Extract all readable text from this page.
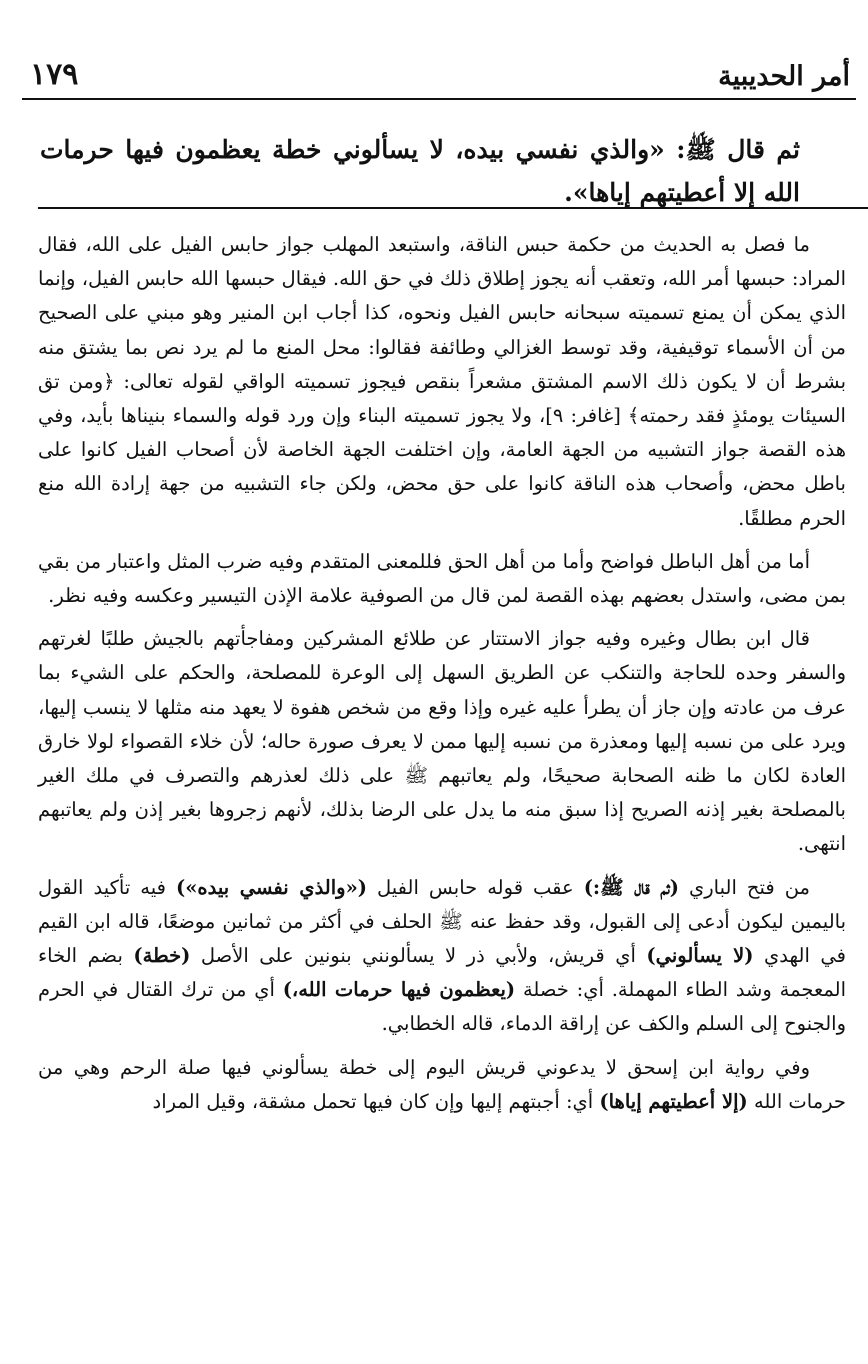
أمر الحديبية
١٧٩
ثم قال ﷺ: «والذي نفسي بيده، لا يسألوني خطة يعظمون فيها حرمات الله إلا أعطيتهم إياها».

ما فصل به الحديث من حكمة حبس الناقة، واستبعد المهلب جواز حابس الفيل على الله، فقال المراد: حبسها أمر الله، وتعقب أنه يجوز إطلاق ذلك في حق الله. فيقال حبسها الله حابس الفيل، وإنما الذي يمكن أن يمنع تسميته سبحانه حابس الفيل ونحوه، كذا أجاب ابن المنير وهو مبني على الصحيح من أن الأسماء توقيفية، وقد توسط الغزالي وطائفة فقالوا: محل المنع ما لم يرد نص بما يشتق منه بشرط أن لا يكون ذلك الاسم المشتق مشعراً بنقص فيجوز تسميته الواقي لقوله تعالى: ﴿ومن تق السيئات يومئذٍ فقد رحمته﴾ [غافر: ٩]، ولا يجوز تسميته البناء وإن ورد قوله والسماء بنيناها بأيد، وفي هذه القصة جواز التشبيه من الجهة العامة، وإن اختلفت الجهة الخاصة لأن أصحاب الفيل كانوا على باطل محض، وأصحاب هذه الناقة كانوا على حق محض، ولكن جاء التشبيه من جهة إرادة الله منع الحرم مطلقًا.

أما من أهل الباطل فواضح وأما من أهل الحق فللمعنى المتقدم وفيه ضرب المثل واعتبار من بقي بمن مضى، واستدل بعضهم بهذه القصة لمن قال من الصوفية علامة الإذن التيسير وعكسه وفيه نظر.

قال ابن بطال وغيره وفيه جواز الاستتار عن طلائع المشركين ومفاجأتهم بالجيش طلبًا لغرتهم والسفر وحده للحاجة والتنكب عن الطريق السهل إلى الوعرة للمصلحة، والحكم على الشيء بما عرف من عادته وإن جاز أن يطرأ عليه غيره وإذا وقع من شخص هفوة لا يعهد منه مثلها لا ينسب إليها، ويرد على من نسبه إليها ومعذرة من نسبه إليها ممن لا يعرف صورة حاله؛ لأن خلاء القصواء لولا خارق العادة لكان ما ظنه الصحابة صحيحًا، ولم يعاتبهم ﷺ على ذلك لعذرهم والتصرف في ملك الغير بالمصلحة بغير إذنه الصريح إذا سبق منه ما يدل على الرضا بذلك، لأنهم زجروها بغير إذن ولم يعاتبهم انتهى.

من فتح الباري (ثم قال ﷺ:) عقب قوله حابس الفيل («والذي نفسي بيده») فيه تأكيد القول باليمين ليكون أدعى إلى القبول، وقد حفظ عنه ﷺ الحلف في أكثر من ثمانين موضعًا، قاله ابن القيم في الهدي (لا يسألوني) أي قريش، ولأبي ذر لا يسألونني بنونين على الأصل (خطة) بضم الخاء المعجمة وشد الطاء المهملة. أي: خصلة (يعظمون فيها حرمات الله،) أي من ترك القتال في الحرم والجنوح إلى السلم والكف عن إراقة الدماء، قاله الخطابي.

وفي رواية ابن إسحق لا يدعوني قريش اليوم إلى خطة يسألوني فيها صلة الرحم وهي من حرمات الله (إلا أعطيتهم إياها) أي: أجبتهم إليها وإن كان فيها تحمل مشقة، وقيل المراد
